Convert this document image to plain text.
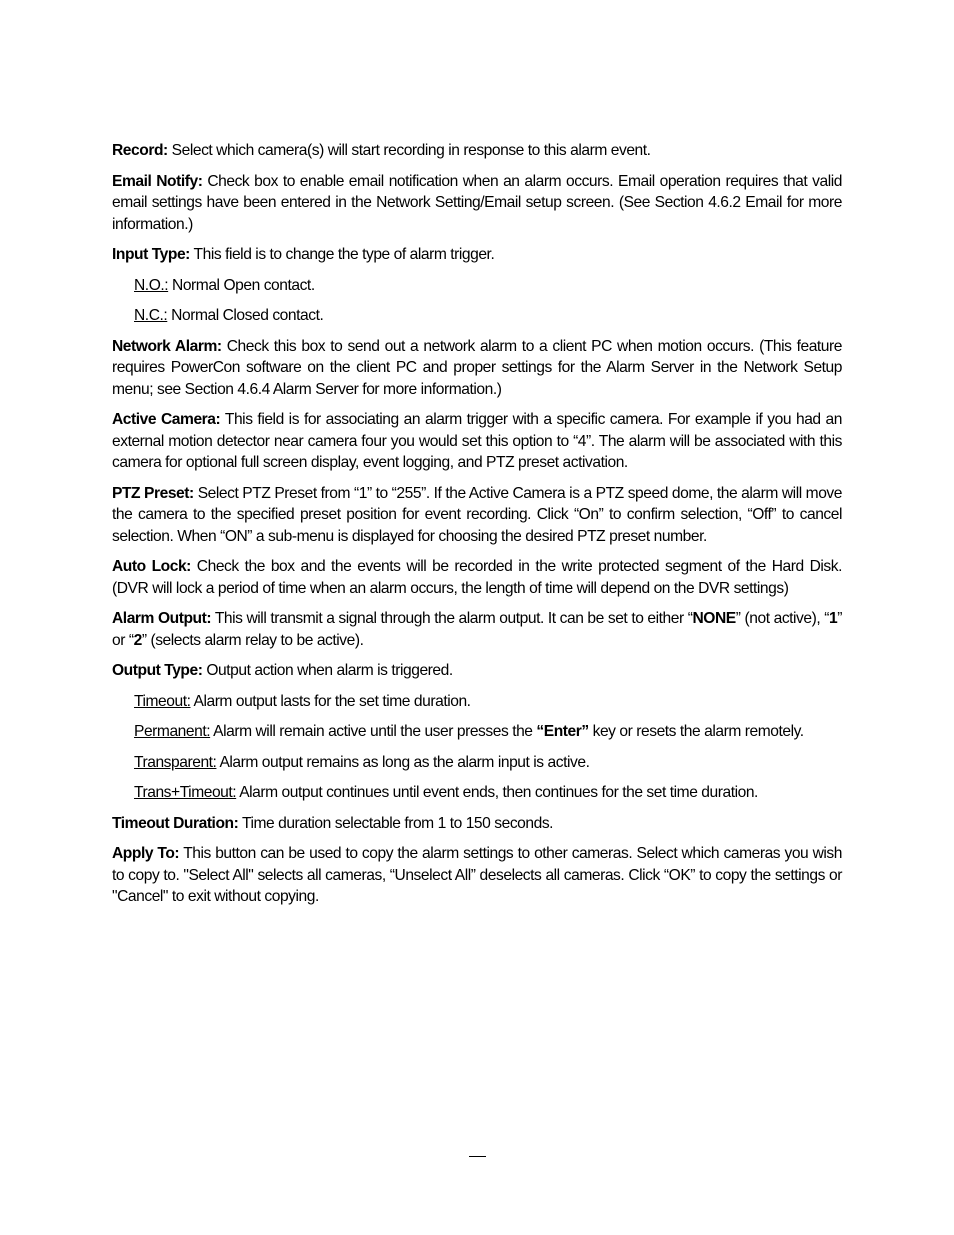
Record: Select which camera(s) will start recording in response to this alarm event.

Email Notify: Check box to enable email notification when an alarm occurs. Email operation requires that valid email settings have been entered in the Network Setting/Email setup screen. (See Section 4.6.2 Email for more information.)

Input Type: This field is to change the type of alarm trigger.

N.O.: Normal Open contact.

N.C.: Normal Closed contact.

Network Alarm: Check this box to send out a network alarm to a client PC when motion occurs. (This feature requires PowerCon software on the client PC and proper settings for the Alarm Server in the Network Setup menu; see Section 4.6.4 Alarm Server for more information.)

Active Camera: This field is for associating an alarm trigger with a specific camera. For example if you had an external motion detector near camera four you would set this option to “4”. The alarm will be associated with this camera for optional full screen display, event logging, and PTZ preset activation.

PTZ Preset: Select PTZ Preset from “1” to “255”. If the Active Camera is a PTZ speed dome, the alarm will move the camera to the specified preset position for event recording. Click “On” to confirm selection, “Off” to cancel selection. When “ON” a sub-menu is displayed for choosing the desired PTZ preset number.

Auto Lock: Check the box and the events will be recorded in the write protected segment of the Hard Disk. (DVR will lock a period of time when an alarm occurs, the length of time will depend on the DVR settings)

Alarm Output: This will transmit a signal through the alarm output. It can be set to either “NONE” (not active), “1” or “2” (selects alarm relay to be active).

Output Type: Output action when alarm is triggered.

Timeout: Alarm output lasts for the set time duration.

Permanent: Alarm will remain active until the user presses the “Enter” key or resets the alarm remotely.

Transparent: Alarm output remains as long as the alarm input is active.

Trans+Timeout: Alarm output continues until event ends, then continues for the set time duration.

Timeout Duration: Time duration selectable from 1 to 150 seconds.

Apply To: This button can be used to copy the alarm settings to other cameras. Select which cameras you wish to copy to. "Select All" selects all cameras, “Unselect All” deselects all cameras. Click “OK” to copy the settings or "Cancel" to exit without copying.
